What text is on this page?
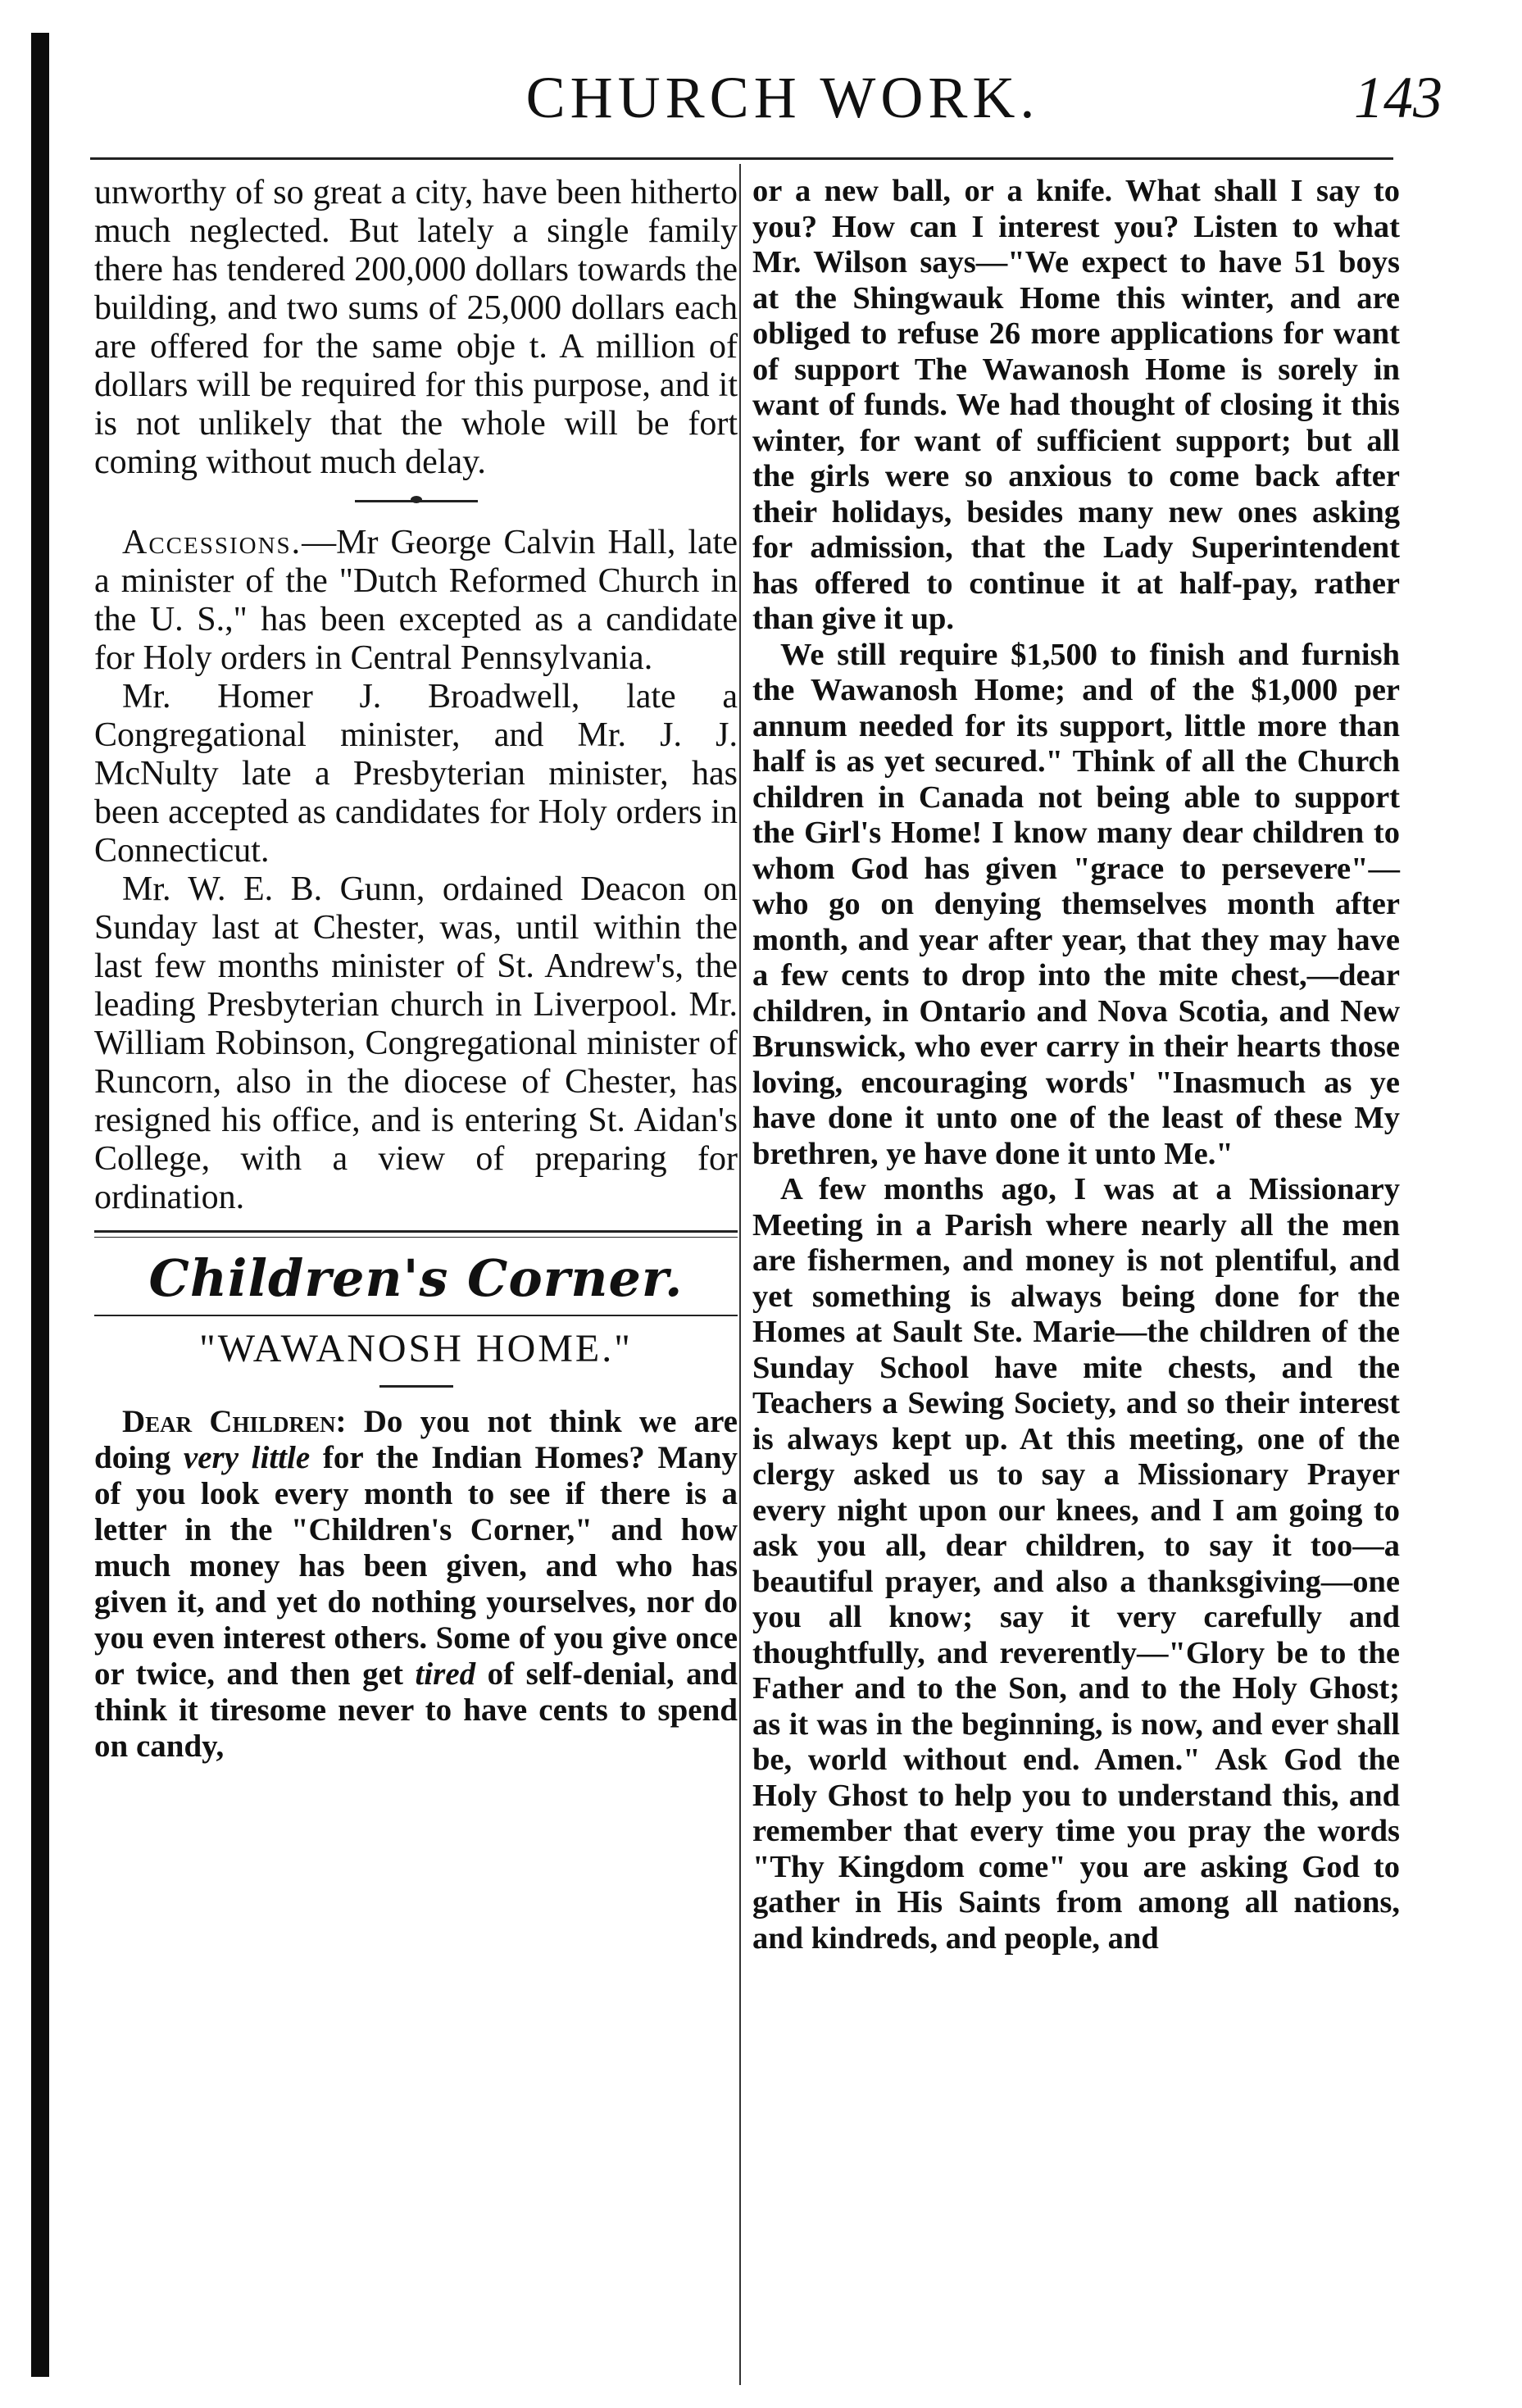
CHURCH WORK.	143

unworthy of so great a city, have been hitherto much neglected. But lately a single family there has tendered 200,000 dollars towards the building, and two sums of 25,000 dollars each are offered for the same obje t. A million of dollars will be required for this purpose, and it is not unlikely that the whole will be fort coming without much delay.

Accessions.—Mr George Calvin Hall, late a minister of the "Dutch Reformed Church in the U. S.," has been excepted as a candidate for Holy orders in Central Pennsylvania.

Mr. Homer J. Broadwell, late a Congregational minister, and Mr. J. J. McNulty late a Presbyterian minister, has been accepted as candidates for Holy orders in Connecticut.

Mr. W. E. B. Gunn, ordained Deacon on Sunday last at Chester, was, until within the last few months minister of St. Andrew's, the leading Presbyterian church in Liverpool. Mr. William Robinson, Congregational minister of Runcorn, also in the diocese of Chester, has resigned his office, and is entering St. Aidan's College, with a view of preparing for ordination.

Children's Corner.
"WAWANOSH HOME."

Dear Children: Do you not think we are doing very little for the Indian Homes? Many of you look every month to see if there is a letter in the "Children's Corner," and how much money has been given, and who has given it, and yet do nothing yourselves, nor do you even interest others. Some of you give once or twice, and then get tired of self-denial, and think it tiresome never to have cents to spend on candy,

or a new ball, or a knife. What shall I say to you? How can I interest you? Listen to what Mr. Wilson says—"We expect to have 51 boys at the Shingwauk Home this winter, and are obliged to refuse 26 more applications for want of support The Wawanosh Home is sorely in want of funds. We had thought of closing it this winter, for want of sufficient support; but all the girls were so anxious to come back after their holidays, besides many new ones asking for admission, that the Lady Superintendent has offered to continue it at half-pay, rather than give it up.

We still require $1,500 to finish and furnish the Wawanosh Home; and of the $1,000 per annum needed for its support, little more than half is as yet secured." Think of all the Church children in Canada not being able to support the Girl's Home! I know many dear children to whom God has given "grace to persevere"—who go on denying themselves month after month, and year after year, that they may have a few cents to drop into the mite chest,—dear children, in Ontario and Nova Scotia, and New Brunswick, who ever carry in their hearts those loving, encouraging words' "Inasmuch as ye have done it unto one of the least of these My brethren, ye have done it unto Me."

A few months ago, I was at a Missionary Meeting in a Parish where nearly all the men are fishermen, and money is not plentiful, and yet something is always being done for the Homes at Sault Ste. Marie—the children of the Sunday School have mite chests, and the Teachers a Sewing Society, and so their interest is always kept up. At this meeting, one of the clergy asked us to say a Missionary Prayer every night upon our knees, and I am going to ask you all, dear children, to say it too—a beautiful prayer, and also a thanksgiving—one you all know; say it very carefully and thoughtfully, and reverently—"Glory be to the Father and to the Son, and to the Holy Ghost; as it was in the beginning, is now, and ever shall be, world without end. Amen." Ask God the Holy Ghost to help you to understand this, and remember that every time you pray the words "Thy Kingdom come" you are asking God to gather in His Saints from among all nations, and kindreds, and people, and
